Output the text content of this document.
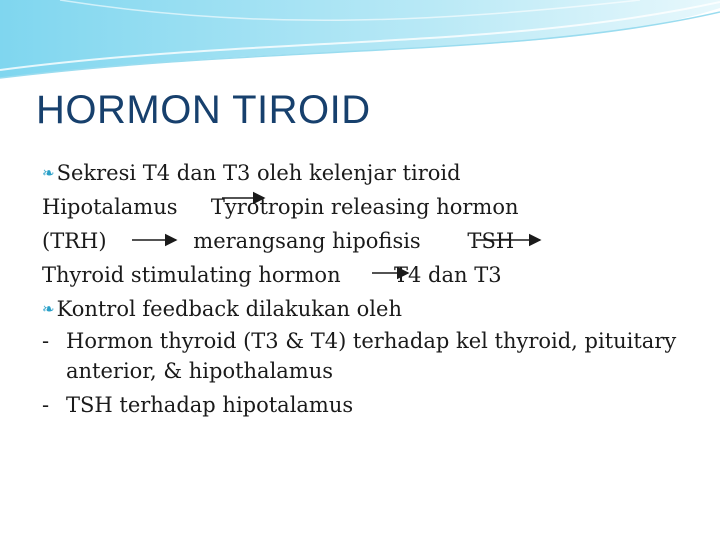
HORMON TIROID
❧Sekresi T4 dan T3 oleh kelenjar tiroid
Hipotalamus     Tyrotropin releasing hormon
(TRH)             merangsang hipofisis       TSH
Thyroid stimulating hormon        T4 dan T3
❧Kontrol feedback dilakukan oleh
- Hormon thyroid (T3 & T4) terhadap kel thyroid, pituitary anterior, & hipothalamus
- TSH terhadap hipotalamus
